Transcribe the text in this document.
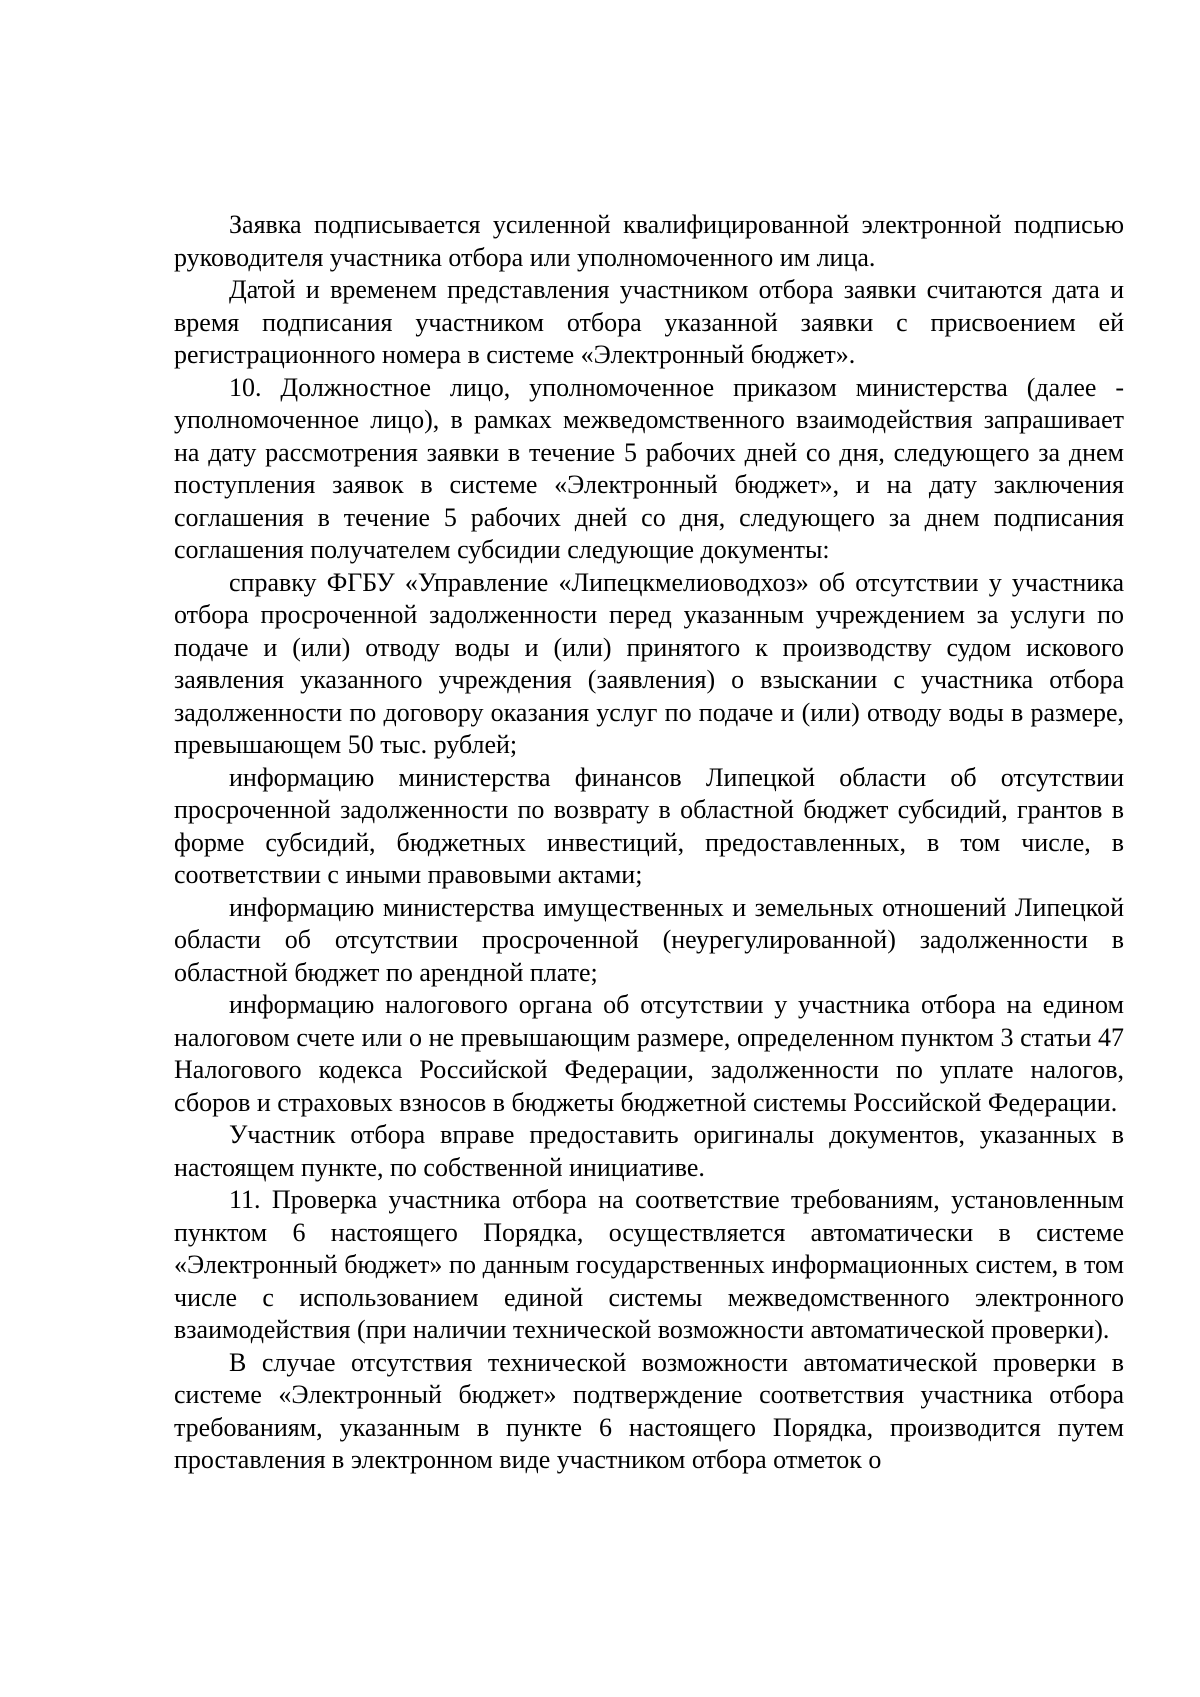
Заявка подписывается усиленной квалифицированной электронной подписью руководителя участника отбора или уполномоченного им лица.

Датой и временем представления участником отбора заявки считаются дата и время подписания участником отбора указанной заявки с присвоением ей регистрационного номера в системе «Электронный бюджет».

10. Должностное лицо, уполномоченное приказом министерства (далее - уполномоченное лицо), в рамках межведомственного взаимодействия запрашивает на дату рассмотрения заявки в течение 5 рабочих дней со дня, следующего за днем поступления заявок в системе «Электронный бюджет», и на дату заключения соглашения в течение 5 рабочих дней со дня, следующего за днем подписания соглашения получателем субсидии следующие документы:

справку ФГБУ «Управление «Липецкмелиоводхоз» об отсутствии у участника отбора просроченной задолженности перед указанным учреждением за услуги по подаче и (или) отводу воды и (или) принятого к производству судом искового заявления указанного учреждения (заявления) о взыскании с участника отбора задолженности по договору оказания услуг по подаче и (или) отводу воды в размере, превышающем 50 тыс. рублей;

информацию министерства финансов Липецкой области об отсутствии просроченной задолженности по возврату в областной бюджет субсидий, грантов в форме субсидий, бюджетных инвестиций, предоставленных, в том числе, в соответствии с иными правовыми актами;

информацию министерства имущественных и земельных отношений Липецкой области об отсутствии просроченной (неурегулированной) задолженности в областной бюджет по арендной плате;

информацию налогового органа об отсутствии у участника отбора на едином налоговом счете или о не превышающим размере, определенном пунктом 3 статьи 47 Налогового кодекса Российской Федерации, задолженности по уплате налогов, сборов и страховых взносов в бюджеты бюджетной системы Российской Федерации.

Участник отбора вправе предоставить оригиналы документов, указанных в настоящем пункте, по собственной инициативе.

11. Проверка участника отбора на соответствие требованиям, установленным пунктом 6 настоящего Порядка, осуществляется автоматически в системе «Электронный бюджет» по данным государственных информационных систем, в том числе с использованием единой системы межведомственного электронного взаимодействия (при наличии технической возможности автоматической проверки).

В случае отсутствия технической возможности автоматической проверки в системе «Электронный бюджет» подтверждение соответствия участника отбора требованиям, указанным в пункте 6 настоящего Порядка, производится путем проставления в электронном виде участником отбора отметок о
